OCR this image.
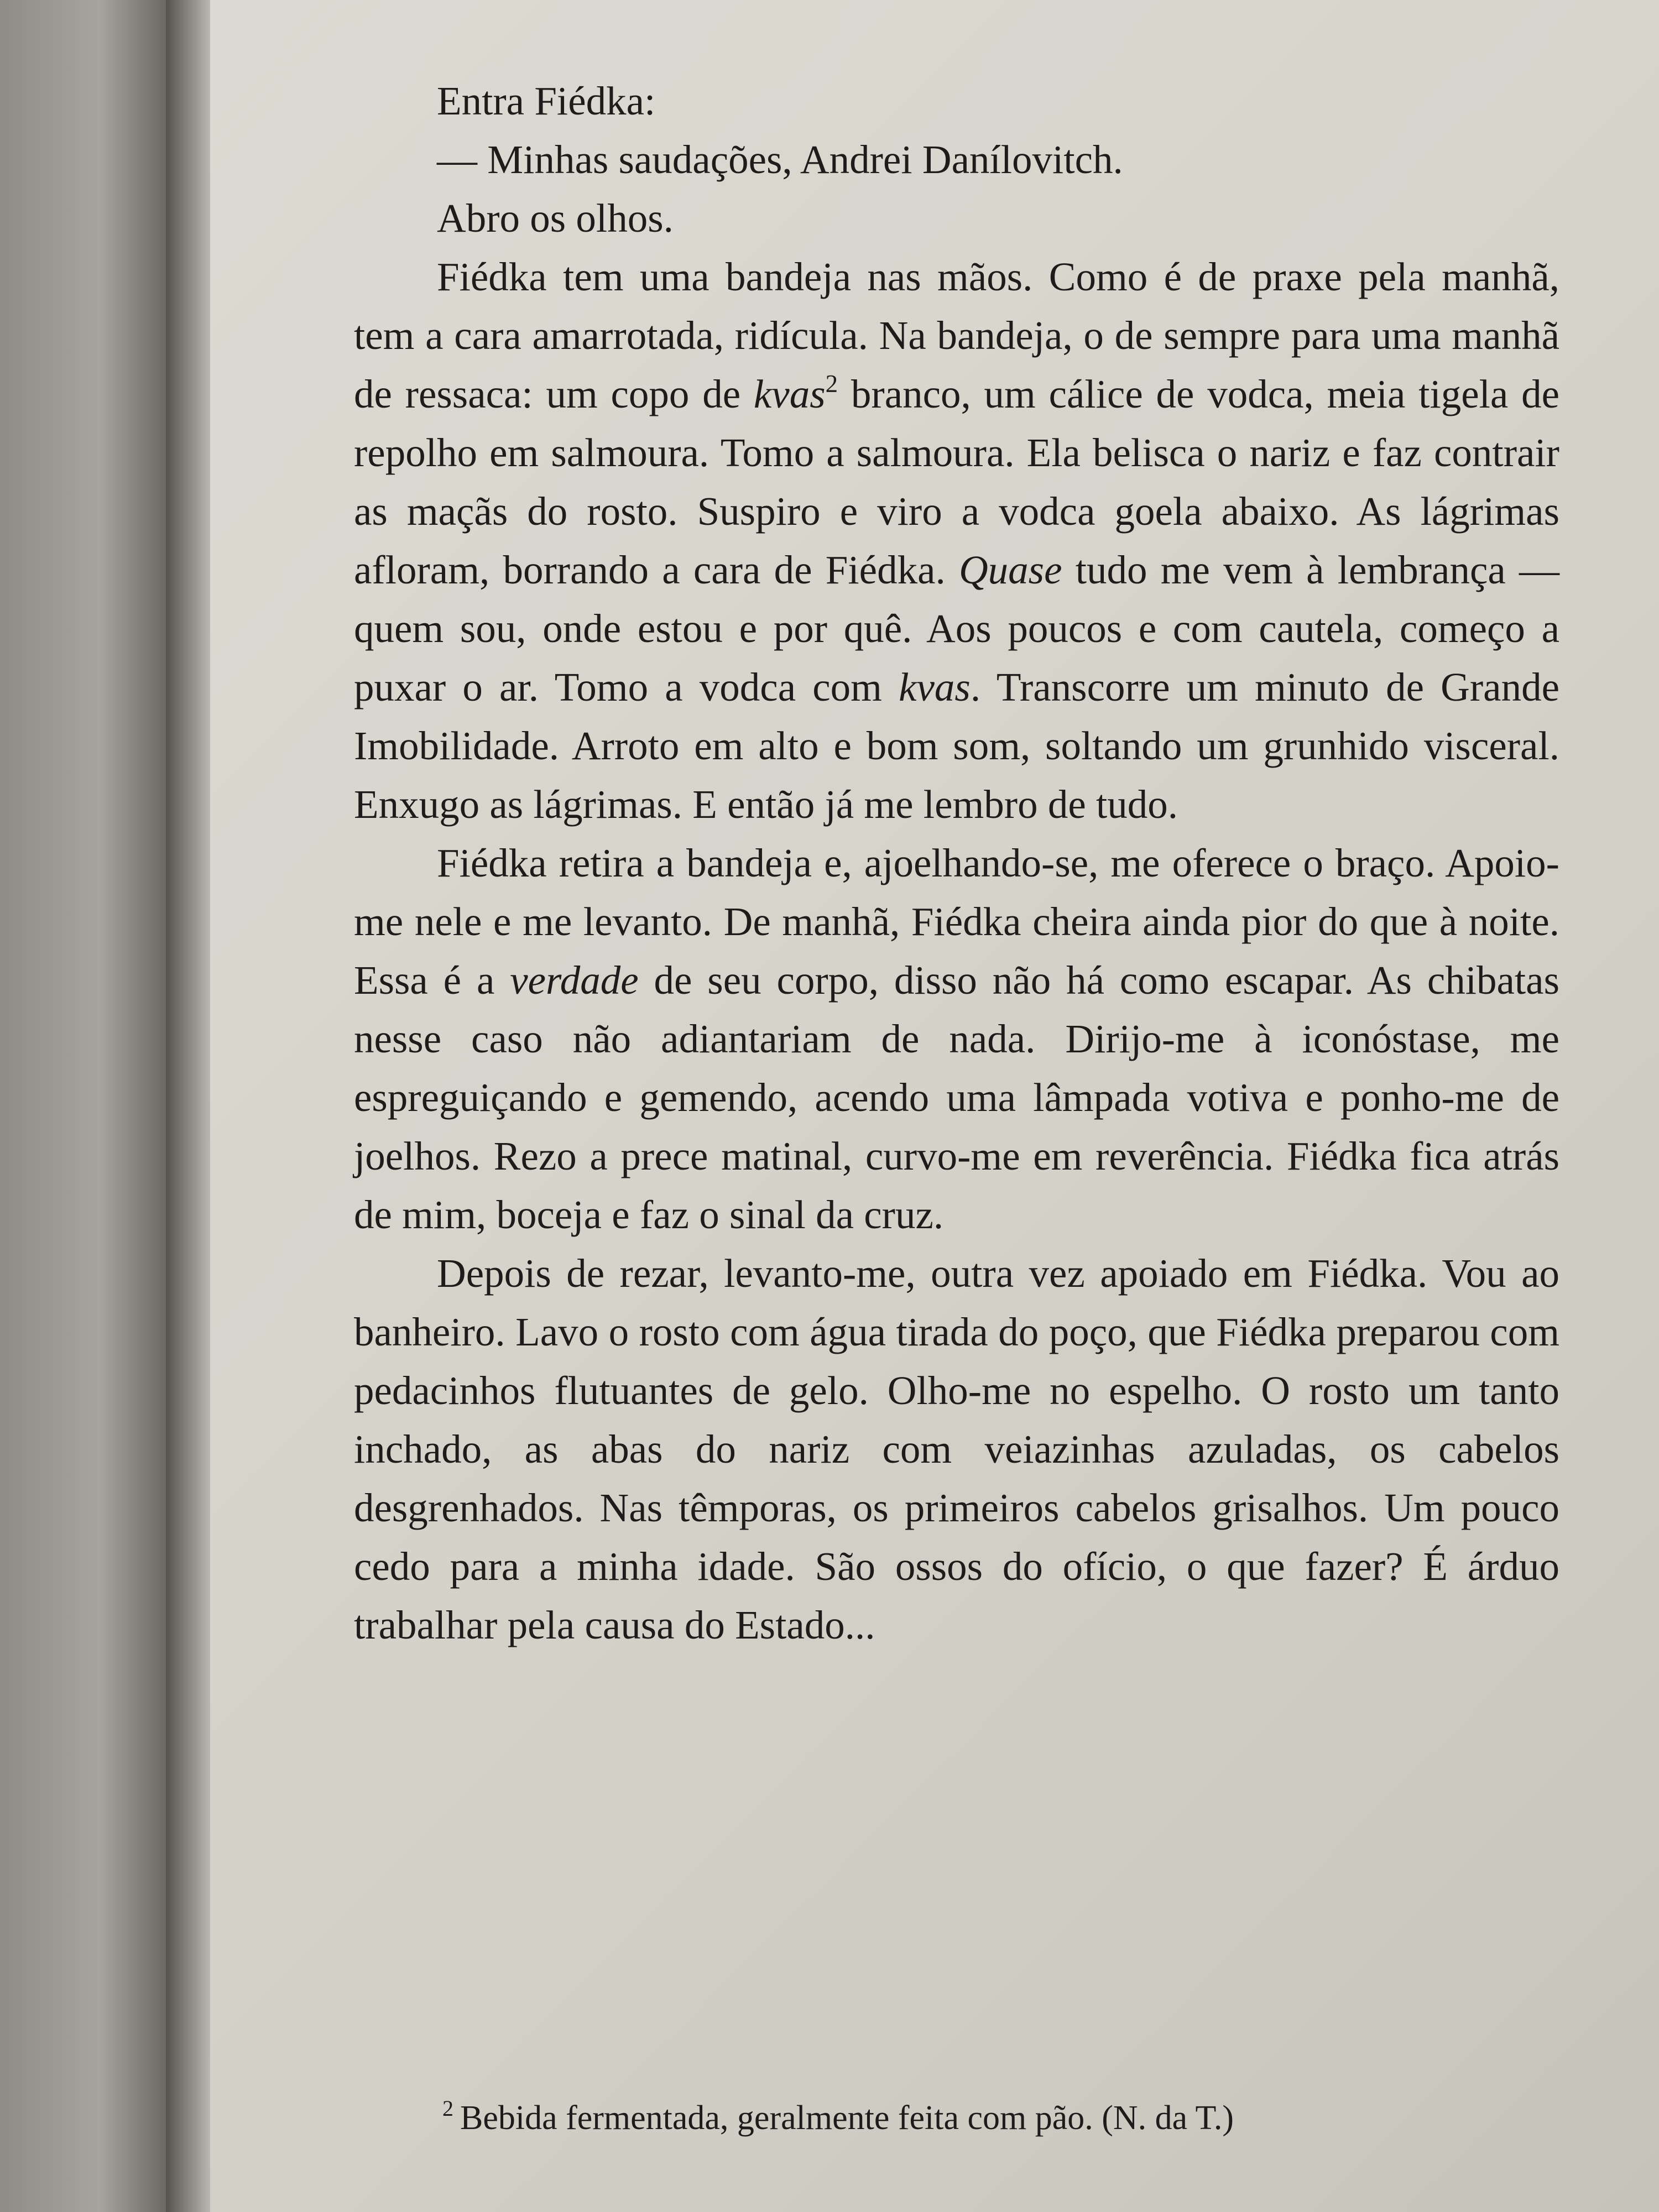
Entra Fiédka:

— Minhas saudações, Andrei Danílovitch.

Abro os olhos.

Fiédka tem uma bandeja nas mãos. Como é de praxe pela manhã, tem a cara amarrotada, ridícula. Na bandeja, o de sempre para uma manhã de ressaca: um copo de kvas$^2$ branco, um cálice de vodca, meia tigela de repolho em salmoura. Tomo a salmoura. Ela belisca o nariz e faz contrair as maçãs do rosto. Suspiro e viro a vodca goela abaixo. As lágrimas afloram, borrando a cara de Fiédka. Quase tudo me vem à lembrança — quem sou, onde estou e por quê. Aos poucos e com cautela, começo a puxar o ar. Tomo a vodca com kvas. Transcorre um minuto de Grande Imobilidade. Arroto em alto e bom som, soltando um grunhido visceral. Enxugo as lágrimas. E então já me lembro de tudo.

Fiédka retira a bandeja e, ajoelhando-se, me oferece o braço. Apoio-me nele e me levanto. De manhã, Fiédka cheira ainda pior do que à noite. Essa é a verdade de seu corpo, disso não há como escapar. As chibatas nesse caso não adiantariam de nada. Dirijo-me à iconóstase, me espreguiçando e gemendo, acendo uma lâmpada votiva e ponho-me de joelhos. Rezo a prece matinal, curvo-me em reverência. Fiédka fica atrás de mim, boceja e faz o sinal da cruz.

Depois de rezar, levanto-me, outra vez apoiado em Fiédka. Vou ao banheiro. Lavo o rosto com água tirada do poço, que Fiédka preparou com pedacinhos flutuantes de gelo. Olho-me no espelho. O rosto um tanto inchado, as abas do nariz com veiazinhas azuladas, os cabelos desgrenhados. Nas têmporas, os primeiros cabelos grisalhos. Um pouco cedo para a minha idade. São ossos do ofício, o que fazer? É árduo trabalhar pela causa do Estado...

$^2$ Bebida fermentada, geralmente feita com pão. (N. da T.)
